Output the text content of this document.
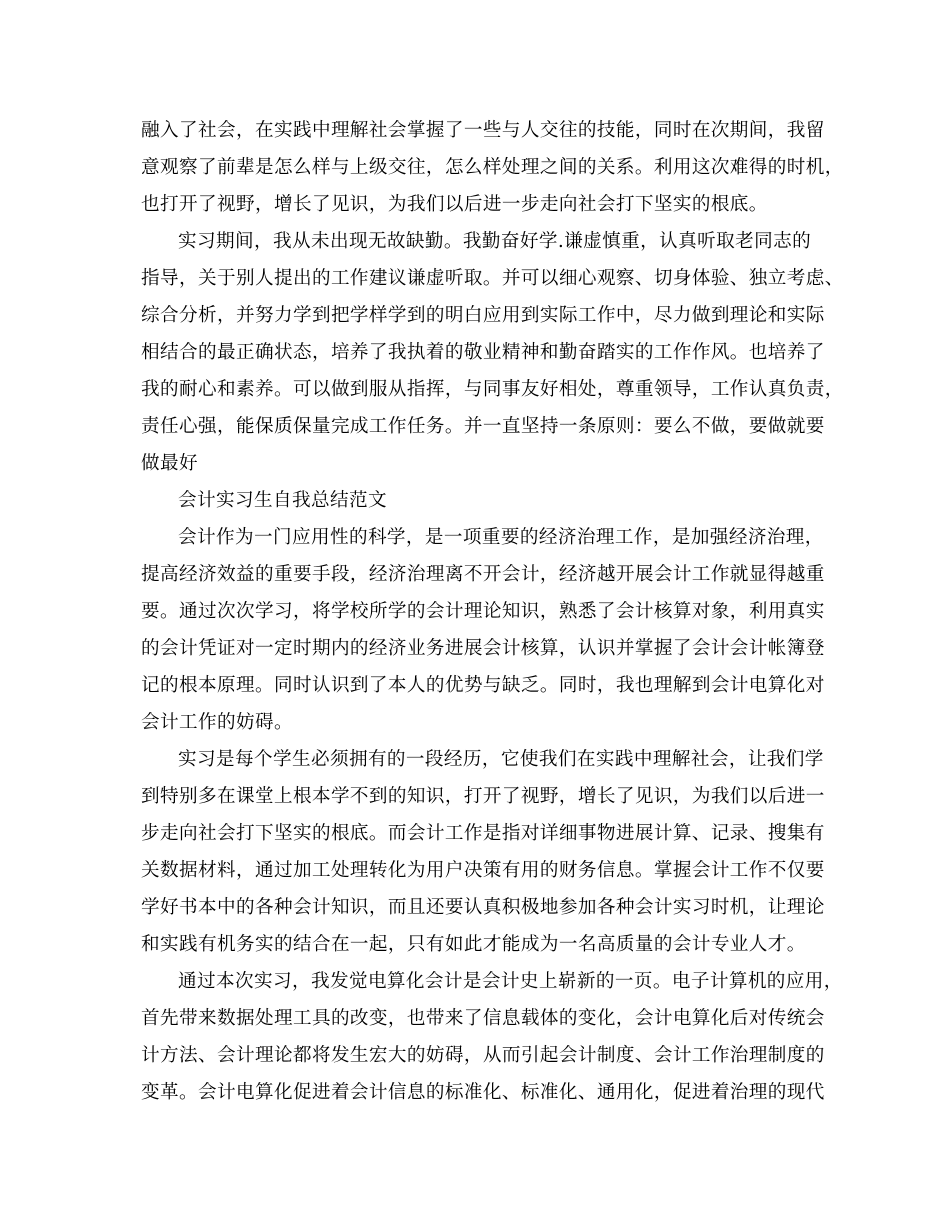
融入了社会，在实践中理解社会掌握了一些与人交往的技能，同时在次期间，我留
意观察了前辈是怎么样与上级交往，怎么样处理之间的关系。利用这次难得的时机，
也打开了视野，增长了见识，为我们以后进一步走向社会打下坚实的根底。
实习期间，我从未出现无故缺勤。我勤奋好学.谦虚慎重，认真听取老同志的
指导，关于别人提出的工作建议谦虚听取。并可以细心观察、切身体验、独立考虑、
综合分析，并努力学到把学样学到的明白应用到实际工作中，尽力做到理论和实际
相结合的最正确状态，培养了我执着的敬业精神和勤奋踏实的工作作风。也培养了
我的耐心和素养。可以做到服从指挥，与同事友好相处，尊重领导，工作认真负责，
责任心强，能保质保量完成工作任务。并一直坚持一条原则：要么不做，要做就要
做最好
会计实习生自我总结范文
会计作为一门应用性的科学，是一项重要的经济治理工作，是加强经济治理，
提高经济效益的重要手段，经济治理离不开会计，经济越开展会计工作就显得越重
要。通过次次学习，将学校所学的会计理论知识，熟悉了会计核算对象，利用真实
的会计凭证对一定时期内的经济业务进展会计核算，认识并掌握了会计会计帐簿登
记的根本原理。同时认识到了本人的优势与缺乏。同时，我也理解到会计电算化对
会计工作的妨碍。
实习是每个学生必须拥有的一段经历，它使我们在实践中理解社会，让我们学
到特别多在课堂上根本学不到的知识，打开了视野，增长了见识，为我们以后进一
步走向社会打下坚实的根底。而会计工作是指对详细事物进展计算、记录、搜集有
关数据材料，通过加工处理转化为用户决策有用的财务信息。掌握会计工作不仅要
学好书本中的各种会计知识，而且还要认真积极地参加各种会计实习时机，让理论
和实践有机务实的结合在一起，只有如此才能成为一名高质量的会计专业人才。
通过本次实习，我发觉电算化会计是会计史上崭新的一页。电子计算机的应用，
首先带来数据处理工具的改变，也带来了信息载体的变化，会计电算化后对传统会
计方法、会计理论都将发生宏大的妨碍，从而引起会计制度、会计工作治理制度的
变革。会计电算化促进着会计信息的标准化、标准化、通用化，促进着治理的现代
